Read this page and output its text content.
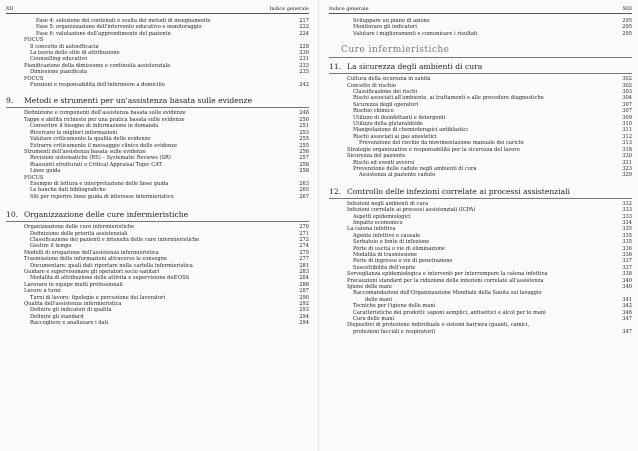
XII	Indice generale
Fase 4: selezione dei contenuti e scelta dei metodi di insegnamento	217
Fase 5: organizzazione dell'intervento educativo e monitoraggio	222
Fase 6: valutazione dell'apprendimento del paziente	224
FOCUS
Il concetto di autoefficacia	228
La teoria dello stile di attribuzione	230
Counselling educativo	231
Pianificazione della dimissione e continuità assistenziale	233
Dimissione pianificata	235
FOCUS
Funzioni e responsabilità dell'infermiere a domicilio	242
9.	Metodi e strumenti per un'assistenza basata sulle evidenze
Definizione e componenti dell'assistenza basata sulle evidenze	248
Tappe e abilità richieste per una pratica basata sulle evidenze	250
Convertire il bisogno di informazione in domanda	251
Ricercare le migliori informazioni	253
Valutare criticamente la qualità delle evidenze	255
Estrarre criticamente il messaggio clinico delle evidenze	255
Strumenti dell'assistenza basata sulle evidenze	256
Revisioni sistematiche (RS) – Systematic Reviews (SR)	257
Riassunti strutturati o Critical Appraisal Topic CAT	258
Linee guida	258
FOCUS
Esempio di lettura e interpretazione delle linee guida	263
Le banche dati bibliografiche	265
Siti per reperire linee guida di interesse infermieristico	267
10. Organizzazione delle cure infermieristiche
Organizzazione delle cure infermieristiche	270
Definizione delle priorità assistenziali	271
Classificazione dei pazienti e intensità delle cure infermieristiche	272
Gestire il tempo	274
Modelli di erogazione dell'assistenza infermieristica	275
Trasmissione delle informazioni attraverso le consegne	277
Documentare: quali dati riportare nella cartella infermieristica	281
Guidare e supervisionare gli operatori socio sanitari	283
Modalità di attribuzione delle attività e supervisione dell'OSS	284
Lavorare in equipe multi professionali	286
Lavoro a turni	287
Turni di lavoro: tipologie e percezione dei lavoratori	290
Qualità dell'assistenza infermieristica	292
Definire gli indicatori di qualità	293
Definire gli standard	294
Raccogliere e analizzare i dati	294
Indice generale	XIII
Sviluppare un piano di azione	295
Monitorare gli indicatori	295
Valutare i miglioramenti e comunicare i risultati	295
Cure infermieristiche
11. La sicurezza degli ambienti di cura
Cultura della sicurezza in sanità	302
Concetto di rischio	302
Classificazione dei rischi	303
Rischi associati all'ambiente, ai trattamenti e alle procedure diagnostiche	304
Sicurezza degli operatori	307
Rischio chimico	307
Utilizzo di disinfettanti e detergenti	309
Utilizzo della glutaraldeide	310
Manipolazione di chemioterapici antiblastici	311
Rischi associati ai gas anestetici	312
Prevenzione del rischio da movimentazione manuale dei carichi	313
Strategie organizzative e responsabilità per la sicurezza del lavoro	318
Sicurezza del paziente	320
Rischi ed eventi avversi	321
Prevenzione delle cadute negli ambienti di cura	323
Assistenza al paziente caduto	329
12. Controllo delle infezioni correlate ai processi assistenziali
Infezioni negli ambienti di cura	332
Infezioni correlate ai processi assistenziali (ICPA)	333
Aspetti epidemiologici	333
Impatto economico	334
La catena infettiva	335
Agente infettivo o causale	335
Serbatoio o fonte di infezione	335
Porte di uscita o vie di eliminazione	336
Modalità di trasmissione	336
Porte di ingresso o vie di penetrazione	337
Suscettibilità dell'ospite	337
Sorveglianza epidemiologica e interventi per interrompere la catena infettiva	338
Precauzioni standard per la riduzione delle infezioni correlate all'assistenza	340
Igiene delle mani	340
Raccomandazioni dell'Organizzazione Mondiale della Sanità sul lavaggio
delle mani	341
Tecniche per l'igiene delle mani	342
Caratteristiche dei prodotti: saponi semplici, antisettici e alcol per le mani	346
Cura delle mani	347
Dispositivi di protezione individuale o sistemi barriera (guanti, camici,
protezioni facciali e respiratori)	347
